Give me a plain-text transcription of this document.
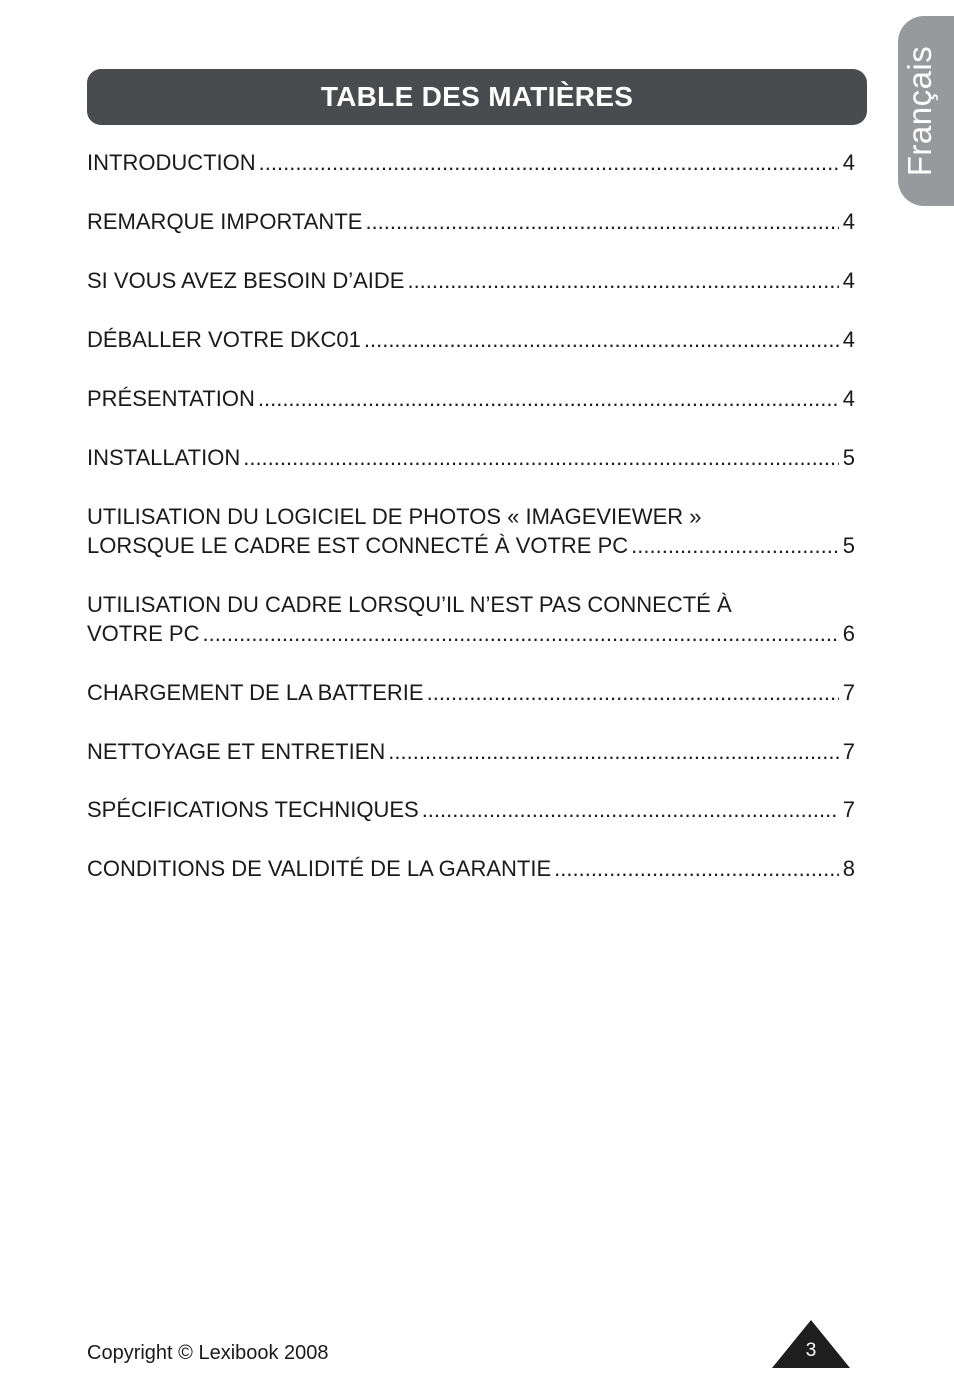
Français
TABLE DES MATIÈRES
INTRODUCTION .....	4
REMARQUE IMPORTANTE .....	4
SI VOUS AVEZ BESOIN D’AIDE .....	4
DÉBALLER VOTRE DKC01 .....	4
PRÉSENTATION .....	4
INSTALLATION .....	5
UTILISATION DU LOGICIEL DE PHOTOS « IMAGEVIEWER »
LORSQUE LE CADRE EST CONNECTÉ À VOTRE PC .....	5
UTILISATION DU CADRE LORSQU’IL N’EST PAS CONNECTÉ À
VOTRE PC .....	6
CHARGEMENT DE LA BATTERIE .....	7
NETTOYAGE ET ENTRETIEN .....	7
SPÉCIFICATIONS TECHNIQUES .....	7
CONDITIONS DE VALIDITÉ DE LA GARANTIE .....	8
Copyright © Lexibook 2008	3
